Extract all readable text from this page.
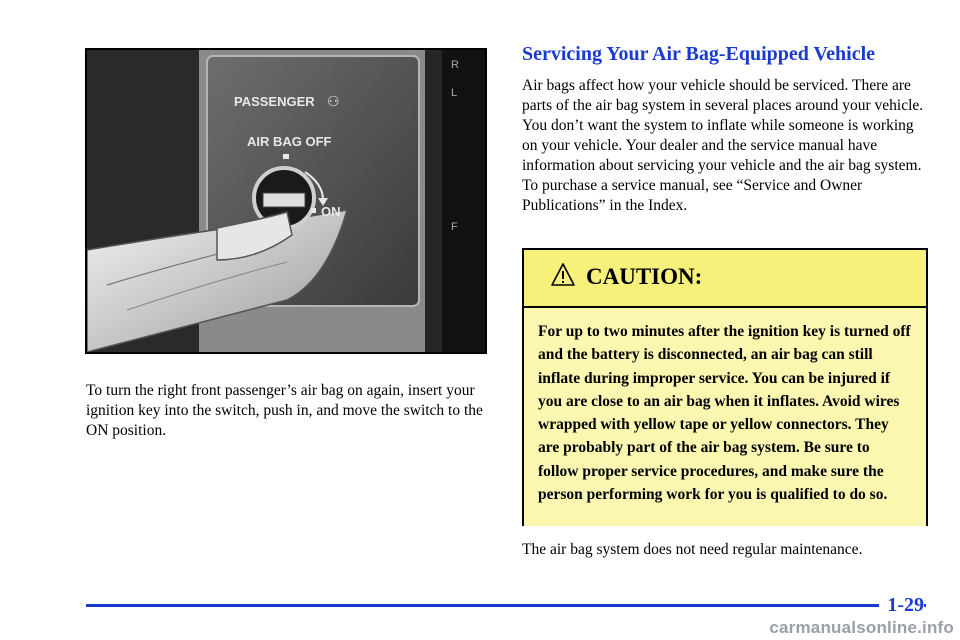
R
L
F
PASSENGER ⚇
AIR BAG OFF
ON
To turn the right front passenger’s air bag on again, insert your ignition key into the switch, push in, and move the switch to the ON position.
Servicing Your Air Bag-Equipped Vehicle

Air bags affect how your vehicle should be serviced. There are parts of the air bag system in several places around your vehicle. You don’t want the system to inflate while someone is working on your vehicle. Your dealer and the service manual have information about servicing your vehicle and the air bag system. To purchase a service manual, see “Service and Owner Publications” in the Index.

CAUTION:
For up to two minutes after the ignition key is turned off and the battery is disconnected, an air bag can still inflate during improper service. You can be injured if you are close to an air bag when it inflates. Avoid wires wrapped with yellow tape or yellow connectors. They are probably part of the air bag system. Be sure to follow proper service procedures, and make sure the person performing work for you is qualified to do so.
The air bag system does not need regular maintenance.
1-29
carmanualsonline.info
